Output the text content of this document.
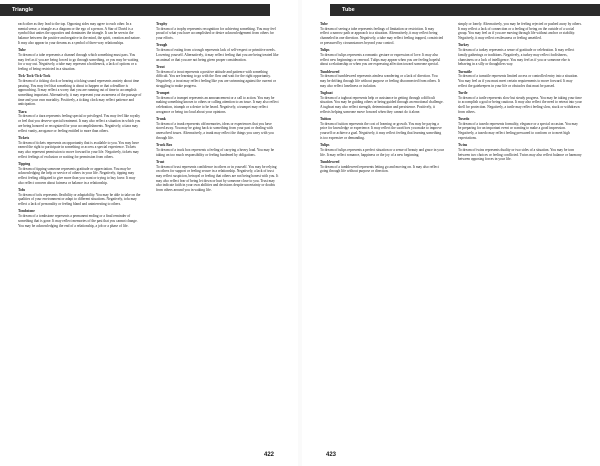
Triangle

each other as they lead to the top. Opposing sides may agree to each other. In a mental sense, a triangle as a diagram or the ego of a person. A Star of David is a symbol that unites the opposites and dominates the triangle. It can be seen in the balance between the positive and negative in the mind, the spirit, creation and nature. It may also appear in your dreams as a symbol of three-way relationships.

Tube
To dream of a tube represents a channel through which something must pass. You may feel as if you are being forced to go through something, or you may be waiting for a way out. Negatively, a tube may represent a bottleneck, a lack of options or a feeling of being restricted in a situation.

Tick-Tock-Tick-Tock
To dream of a ticking clock or hearing a ticking sound represents anxiety about time passing. You may feel that something is about to happen or that a deadline is approaching. It may reflect a worry that you are running out of time to accomplish something important. Alternatively, it may represent your awareness of the passage of time and your own mortality. Positively, a ticking clock may reflect patience and anticipation.

Tiara
To dream of a tiara represents feeling special or privileged. You may feel like royalty or feel that you deserve special treatment. It may also reflect a situation in which you are being honored or recognized for your accomplishments. Negatively, a tiara may reflect vanity, arrogance or feeling entitled to more than others.

Tickets
To dream of tickets represents an opportunity that is available to you. You may have earned the right to participate in something or access a special experience. Tickets may also represent permission to move forward in your life. Negatively, tickets may reflect feelings of exclusion or waiting for permission from others.

Tipping
To dream of tipping someone represents gratitude or appreciation. You may be acknowledging the help or service of others in your life. Negatively, tipping may reflect feeling obligated to give more than you want or trying to buy favor. It may also reflect concern about fairness or balance in a relationship.

Tofu
To dream of tofu represents flexibility or adaptability. You may be able to take on the qualities of your environment or adapt to different situations. Negatively, tofu may reflect a lack of personality or feeling bland and uninteresting to others.

Tombstone
To dream of a tombstone represents a permanent ending or a final reminder of something that is gone. It may reflect memories of the past that you cannot change. You may be acknowledging the end of a relationship, a job or a phase of life.

Trophy
To dream of a trophy represents recognition for achieving something. You may feel proud of what you have accomplished or desire acknowledgement from others for your efforts.

Trough
To dream of eating from a trough represents lack of self-respect or primitive needs. Lowering yourself. Alternatively, it may reflect feeling that you are being treated like an animal or that you are not being given proper consideration.

Trout
To dream of a trout represents a positive attitude and patience with something difficult. You are learning to go with the flow and wait for the right opportunity. Negatively, a trout may reflect feeling like you are swimming against the current or struggling to make progress.

Trumpet
To dream of a trumpet represents an announcement or a call to action. You may be making something known to others or calling attention to an issue. It may also reflect celebration, triumph or a desire to be heard. Negatively, a trumpet may reflect arrogance or being too loud about your opinions.

Trunk
To dream of a trunk represents old memories, ideas or experiences that you have stored away. You may be going back to something from your past or dealing with unresolved issues. Alternatively, a trunk may reflect the things you carry with you through life.

Truck Box
To dream of a truck box represents a feeling of carrying a heavy load. You may be taking on too much responsibility or feeling burdened by obligations.

Trust
To dream of trust represents confidence in others or in yourself. You may be relying on others for support or feeling secure in a relationship. Negatively, a lack of trust may reflect suspicion, betrayal or feeling that others are not being honest with you. It may also reflect fear of being let down or hurt by someone close to you. Trust may also indicate faith in your own abilities and decisions despite uncertainty or doubts from others around you in waking life.

422
Tube

Tube
To dream of seeing a tube represents feelings of limitation or restriction. It may reflect a narrow path or approach to a situation. Alternatively, it may reflect being channeled in one direction. Negatively, a tube may reflect feeling trapped, constricted or pressured by circumstances beyond your control.

Tulips
To dream of tulips represents a romantic gesture or expression of love. It may also reflect new beginnings or renewal. Tulips may appear when you are feeling hopeful about a relationship or when you are expressing affection toward someone special.

Tumbleweed
To dream of tumbleweed represents aimless wandering or a lack of direction. You may be drifting through life without purpose or feeling disconnected from others. It may also reflect loneliness or isolation.

Tugboat
To dream of a tugboat represents help or assistance in getting through a difficult situation. You may be guiding others or being guided through an emotional challenge. A tugboat may also reflect strength, determination and persistence. Positively, it reflects helping someone move forward when they cannot do it alone.

Tuition
To dream of tuition represents the cost of learning or growth. You may be paying a price for knowledge or experience. It may reflect the sacrifices you make to improve yourself or achieve a goal. Negatively, it may reflect feeling that learning something is too expensive or demanding.

Tulips
To dream of tulips represents a perfect situation or a sense of beauty and grace in your life. It may reflect romance, happiness or the joy of a new beginning.

Tumbleweed
To dream of a tumbleweed represents letting go and moving on. It may also reflect going through life without purpose or direction.

simply or lonely. Alternatively, you may be feeling rejected or pushed away by others. It may reflect a lack of connection or a feeling of being on the outside of a social group. You may feel as if you are moving through life without anchor or stability. Negatively, it may reflect restlessness or feeling unsettled.

Turkey
To dream of a turkey represents a sense of gratitude or celebration. It may reflect family gatherings or traditions. Negatively, a turkey may reflect foolishness, clumsiness or a lack of intelligence. You may feel as if you or someone else is behaving in a silly or thoughtless way.

Turnstile
To dream of a turnstile represents limited access or controlled entry into a situation. You may feel as if you must meet certain requirements to move forward. It may reflect the gatekeepers in your life or obstacles that must be passed.

Turtle
To dream of a turtle represents slow but steady progress. You may be taking your time to accomplish a goal or being cautious. It may also reflect the need to retreat into your shell for protection. Negatively, a turtle may reflect feeling slow, stuck or withdrawn from others.

Tuxedo
To dream of a tuxedo represents formality, elegance or a special occasion. You may be preparing for an important event or wanting to make a good impression. Negatively, a tuxedo may reflect feeling pressured to conform or to meet high expectations.

Twins
To dream of twins represents duality or two sides of a situation. You may be torn between two choices or feeling conflicted. Twins may also reflect balance or harmony between opposing forces in your life.

423
